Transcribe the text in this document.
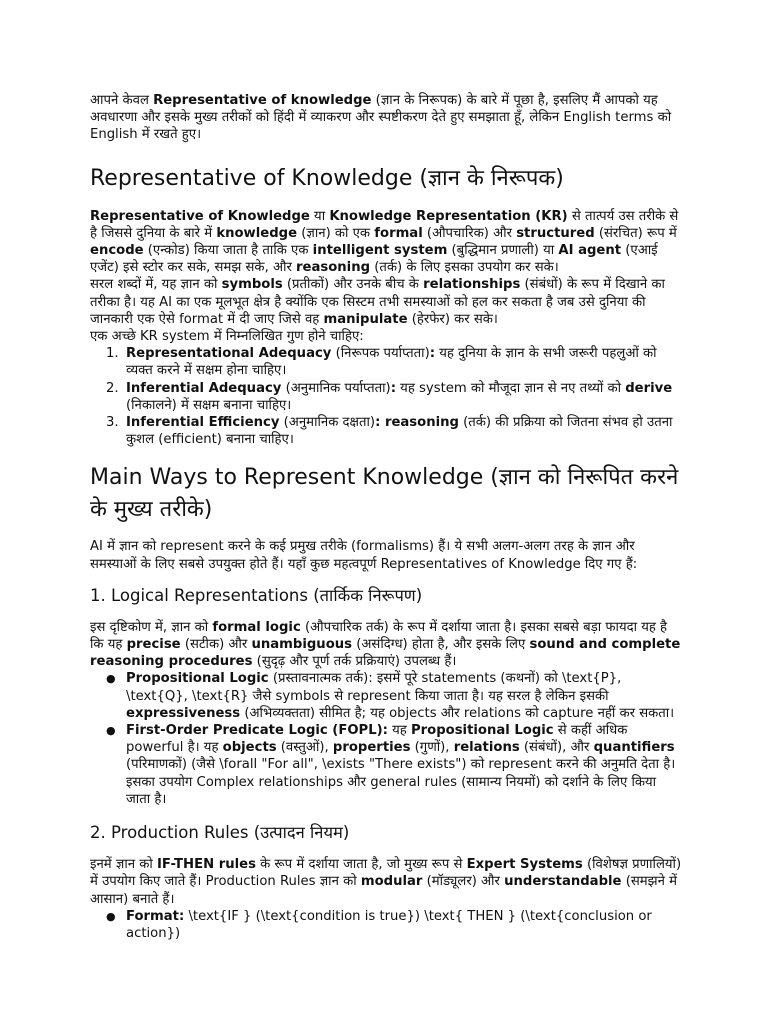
आपने केवल Representative of knowledge (ज्ञान के निरूपक) के बारे में पूछा है, इसलिए मैं आपको यह अवधारणा और इसके मुख्य तरीकों को हिंदी में व्याकरण और स्पष्टीकरण देते हुए समझाता हूँ, लेकिन English terms को English में रखते हुए।

Representative of Knowledge (ज्ञान के निरूपक)

Representative of Knowledge या Knowledge Representation (KR) से तात्पर्य उस तरीके से है जिससे दुनिया के बारे में knowledge (ज्ञान) को एक formal (औपचारिक) और structured (संरचित) रूप में encode (एन्कोड) किया जाता है ताकि एक intelligent system (बुद्धिमान प्रणाली) या AI agent (एआई एजेंट) इसे स्टोर कर सके, समझ सके, और reasoning (तर्क) के लिए इसका उपयोग कर सके।

सरल शब्दों में, यह ज्ञान को symbols (प्रतीकों) और उनके बीच के relationships (संबंधों) के रूप में दिखाने का तरीका है। यह AI का एक मूलभूत क्षेत्र है क्योंकि एक सिस्टम तभी समस्याओं को हल कर सकता है जब उसे दुनिया की जानकारी एक ऐसे format में दी जाए जिसे वह manipulate (हेरफेर) कर सके।

एक अच्छे KR system में निम्नलिखित गुण होने चाहिए:

1. Representational Adequacy (निरूपक पर्याप्तता): यह दुनिया के ज्ञान के सभी जरूरी पहलुओं को व्यक्त करने में सक्षम होना चाहिए।
2. Inferential Adequacy (अनुमानिक पर्याप्तता): यह system को मौजूदा ज्ञान से नए तथ्यों को derive (निकालने) में सक्षम बनाना चाहिए।
3. Inferential Efficiency (अनुमानिक दक्षता): reasoning (तर्क) की प्रक्रिया को जितना संभव हो उतना कुशल (efficient) बनाना चाहिए।
Main Ways to Represent Knowledge (ज्ञान को निरूपित करने के मुख्य तरीके)

AI में ज्ञान को represent करने के कई प्रमुख तरीके (formalisms) हैं। ये सभी अलग-अलग तरह के ज्ञान और समस्याओं के लिए सबसे उपयुक्त होते हैं। यहाँ कुछ महत्वपूर्ण Representatives of Knowledge दिए गए हैं:

1. Logical Representations (तार्किक निरूपण)

इस दृष्टिकोण में, ज्ञान को formal logic (औपचारिक तर्क) के रूप में दर्शाया जाता है। इसका सबसे बड़ा फायदा यह है कि यह precise (सटीक) और unambiguous (असंदिग्ध) होता है, और इसके लिए sound and complete reasoning procedures (सुदृढ़ और पूर्ण तर्क प्रक्रियाएं) उपलब्ध हैं।

● Propositional Logic (प्रस्तावनात्मक तर्क): इसमें पूरे statements (कथनों) को \text{P}, \text{Q}, \text{R} जैसे symbols से represent किया जाता है। यह सरल है लेकिन इसकी expressiveness (अभिव्यक्तता) सीमित है; यह objects और relations को capture नहीं कर सकता।
● First-Order Predicate Logic (FOPL): यह Propositional Logic से कहीं अधिक powerful है। यह objects (वस्तुओं), properties (गुणों), relations (संबंधों), और quantifiers (परिमाणकों) (जैसे \forall "For all", \exists "There exists") को represent करने की अनुमति देता है। इसका उपयोग Complex relationships और general rules (सामान्य नियमों) को दर्शाने के लिए किया जाता है।
2. Production Rules (उत्पादन नियम)

इनमें ज्ञान को IF-THEN rules के रूप में दर्शाया जाता है, जो मुख्य रूप से Expert Systems (विशेषज्ञ प्रणालियों) में उपयोग किए जाते हैं। Production Rules ज्ञान को modular (मॉड्यूलर) और understandable (समझने में आसान) बनाते हैं।

● Format: \text{IF } (\text{condition is true}) \text{ THEN } (\text{conclusion or action})
